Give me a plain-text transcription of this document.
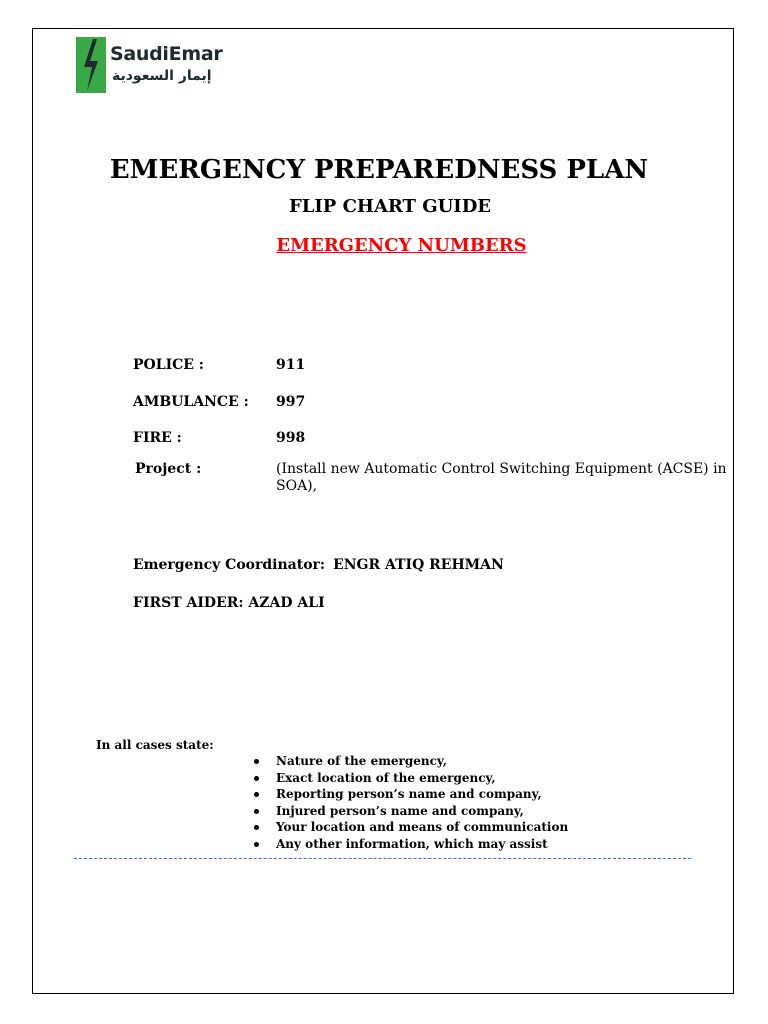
SaudiEmar
إيمار السعودية
EMERGENCY PREPAREDNESS PLAN
FLIP CHART GUIDE
EMERGENCY NUMBERS
POLICE :	911
AMBULANCE : 997
FIRE :	998
Project :	(Install new Automatic Control Switching Equipment (ACSE) in SOA),
Emergency Coordinator: ENGR ATIQ REHMAN
FIRST AIDER: AZAD ALI
In all cases state:
Nature of the emergency,
Exact location of the emergency,
Reporting person’s name and company,
Injured person’s name and company,
Your location and means of communication
Any other information, which may assist
